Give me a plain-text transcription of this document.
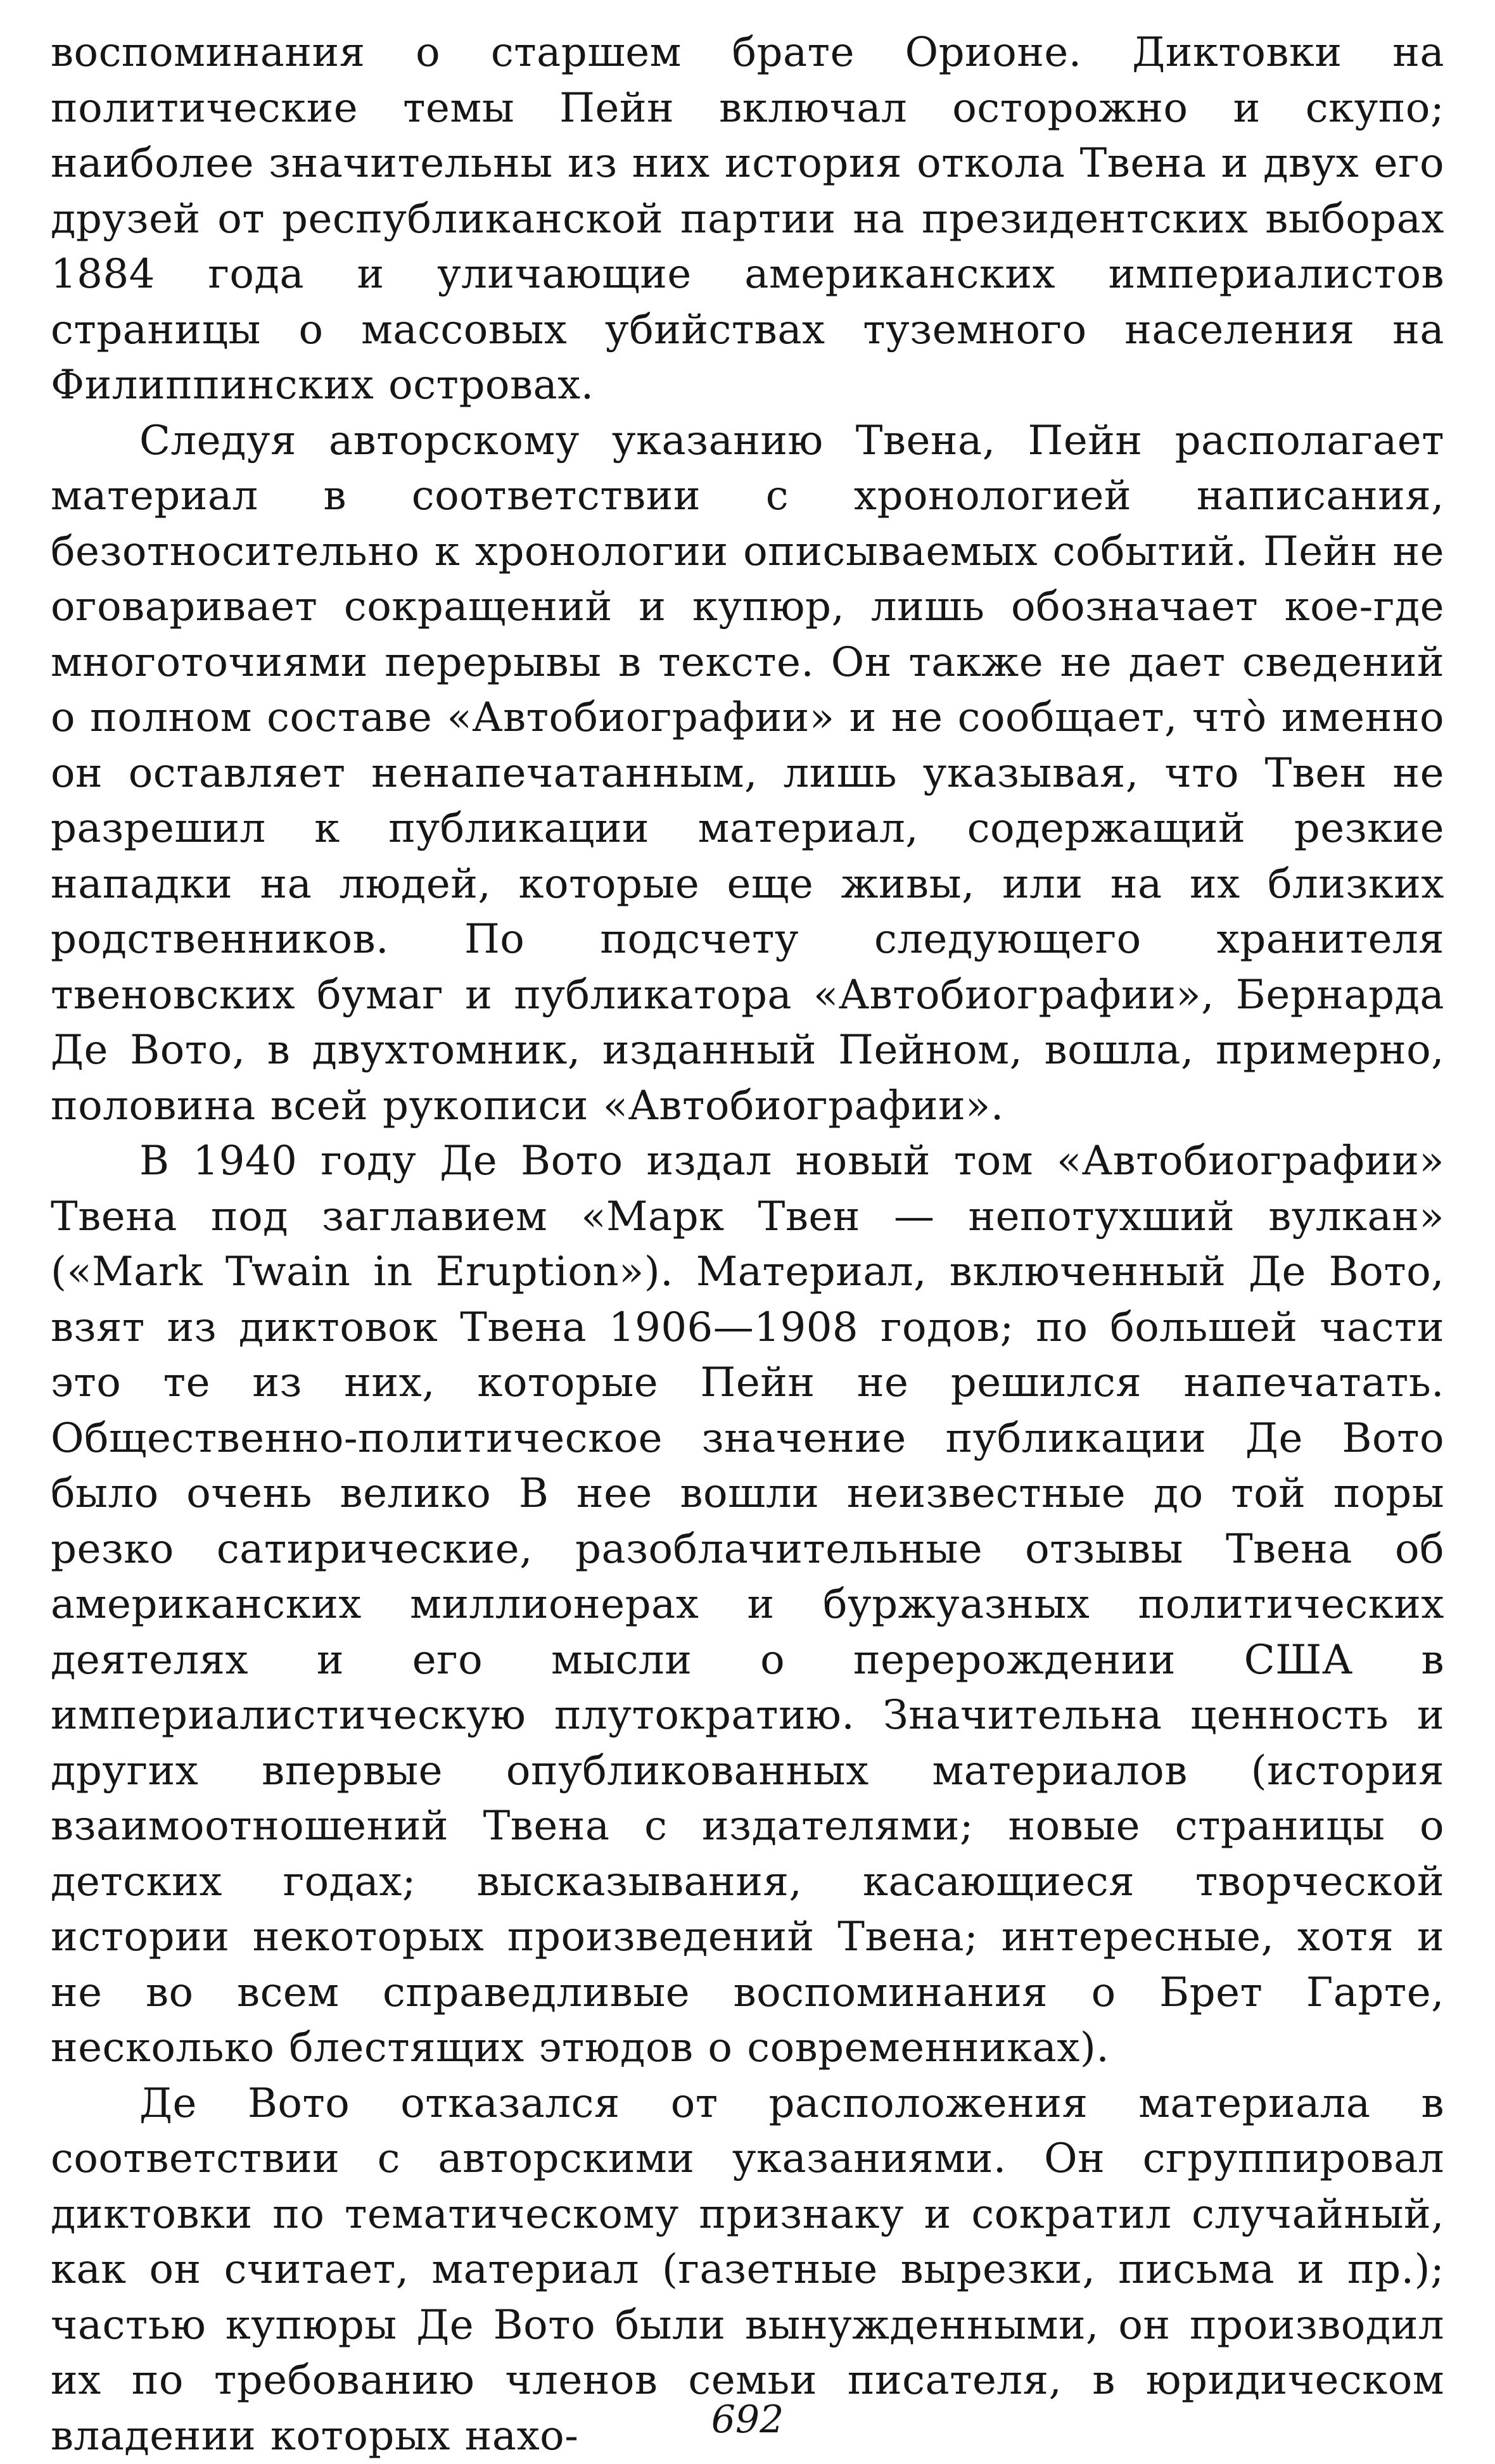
воспоминания о старшем брате Орионе. Диктовки на политические темы Пейн включал осторожно и скупо; наиболее значительны из них история откола Твена и двух его друзей от республиканской партии на президентских выборах 1884 года и уличающие американских империалистов страницы о массовых убийствах туземного населения на Филиппинских островах.

Следуя авторскому указанию Твена, Пейн располагает материал в соответствии с хронологией написания, безотносительно к хронологии описываемых событий. Пейн не оговаривает сокращений и купюр, лишь обозначает кое-где многоточиями перерывы в тексте. Он также не дает сведений о полном составе «Автобиографии» и не сообщает, что̀ именно он оставляет ненапечатанным, лишь указывая, что Твен не разрешил к публикации материал, содержащий резкие нападки на людей, которые еще живы, или на их близких родственников. По подсчету следующего хранителя твеновских бумаг и публикатора «Автобиографии», Бернарда Де Вото, в двухтомник, изданный Пейном, вошла, примерно, половина всей рукописи «Автобиографии».

В 1940 году Де Вото издал новый том «Автобиографии» Твена под заглавием «Марк Твен — непотухший вулкан» («Mark Twain in Eruption»). Материал, включенный Де Вото, взят из диктовок Твена 1906—1908 годов; по большей части это те из них, которые Пейн не решился напечатать. Общественно-политическое значение публикации Де Вото было очень велико В нее вошли неизвестные до той поры резко сатирические, разоблачительные отзывы Твена об американских миллионерах и буржуазных политических деятелях и его мысли о перерождении США в империалистическую плутократию. Значительна ценность и других впервые опубликованных материалов (история взаимоотношений Твена с издателями; новые страницы о детских годах; высказывания, касающиеся творческой истории некоторых произведений Твена; интересные, хотя и не во всем справедливые воспоминания о Брет Гарте, несколько блестящих этюдов о современниках).

Де Вото отказался от расположения материала в соответствии с авторскими указаниями. Он сгруппировал диктовки по тематическому признаку и сократил случайный, как он считает, материал (газетные вырезки, письма и пр.); частью купюры Де Вото были вынужденными, он производил их по требованию членов семьи писателя, в юридическом владении которых нахо-	692
